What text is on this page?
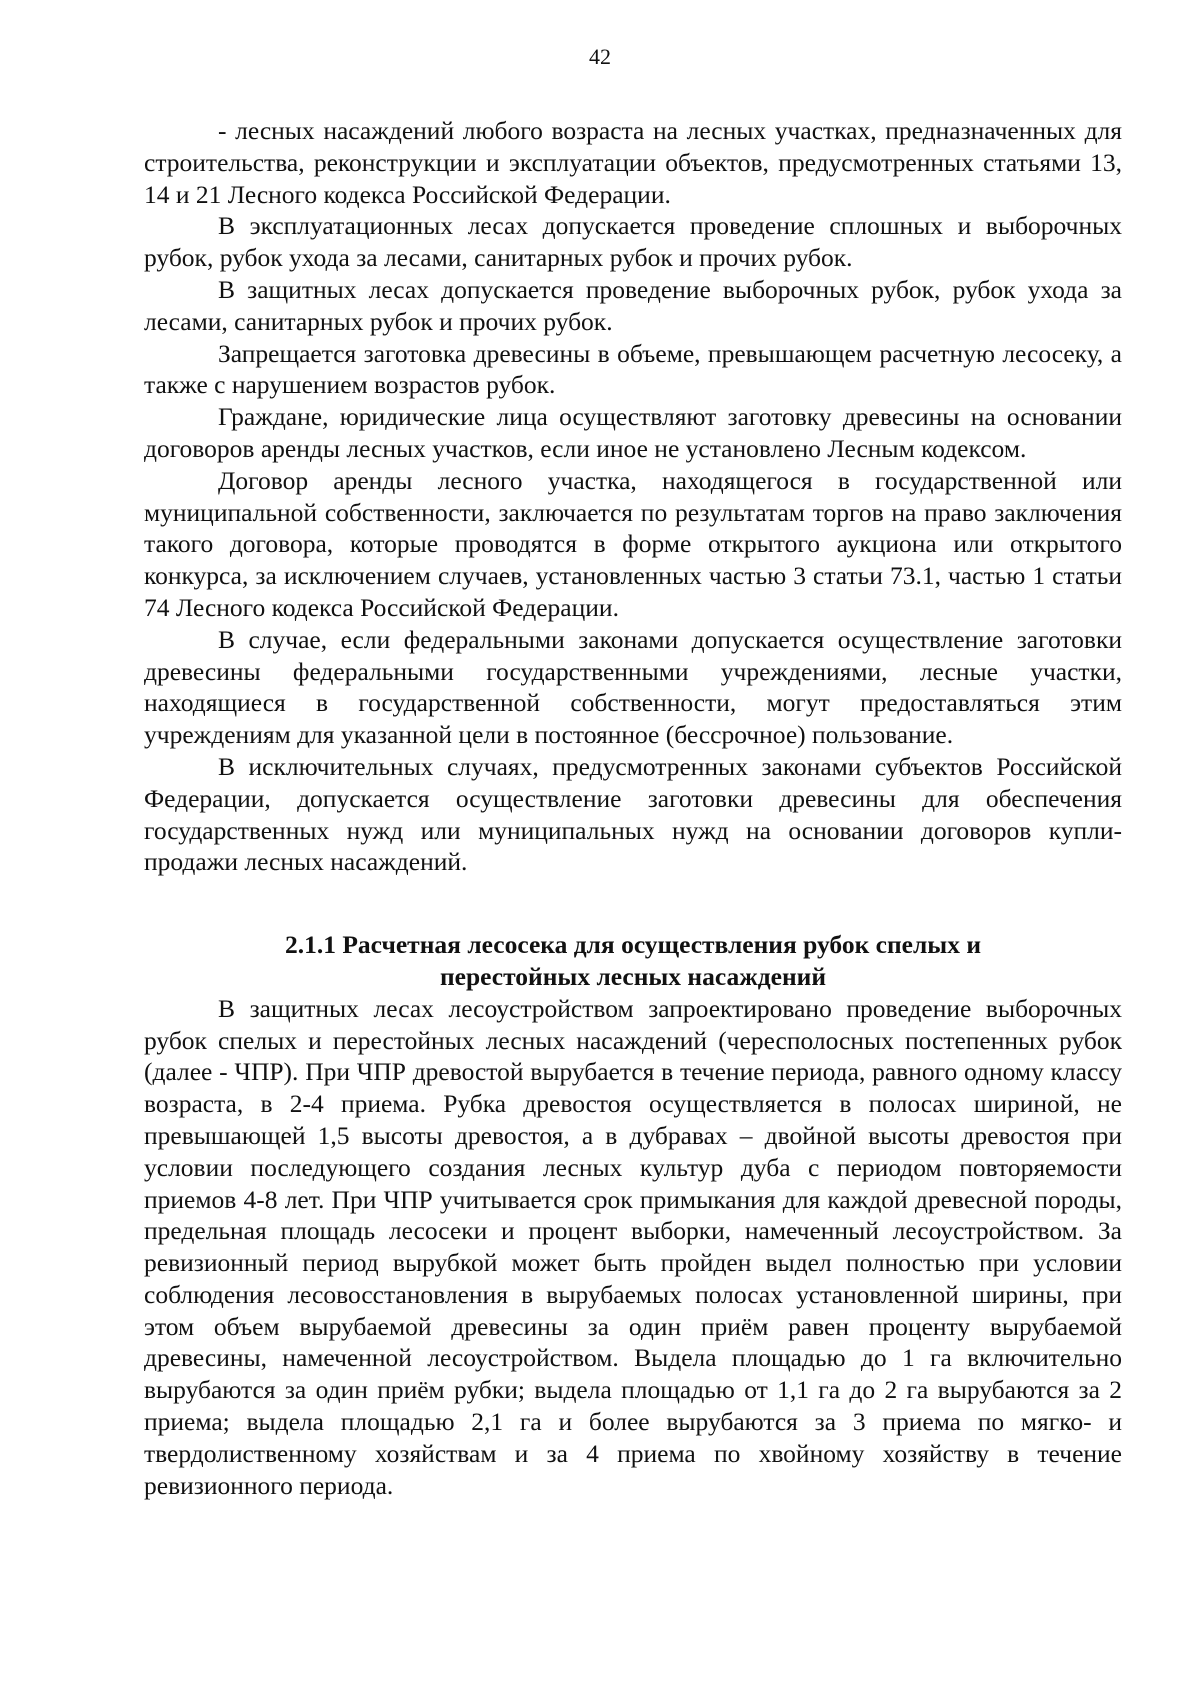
42

- лесных насаждений любого возраста на лесных участках, предназначенных для строительства, реконструкции и эксплуатации объектов, предусмотренных статьями 13, 14 и 21 Лесного кодекса Российской Федерации.

В эксплуатационных лесах допускается проведение сплошных и выборочных рубок, рубок ухода за лесами, санитарных рубок и прочих рубок.

В защитных лесах допускается проведение выборочных рубок, рубок ухода за лесами, санитарных рубок и прочих рубок.

Запрещается заготовка древесины в объеме, превышающем расчетную лесосеку, а также с нарушением возрастов рубок.

Граждане, юридические лица осуществляют заготовку древесины на основании договоров аренды лесных участков, если иное не установлено Лесным кодексом.

Договор аренды лесного участка, находящегося в государственной или муниципальной собственности, заключается по результатам торгов на право заключения такого договора, которые проводятся в форме открытого аукциона или открытого конкурса, за исключением случаев, установленных частью 3 статьи 73.1, частью 1 статьи 74 Лесного кодекса Российской Федерации.

В случае, если федеральными законами допускается осуществление заготовки древесины федеральными государственными учреждениями, лесные участки, находящиеся в государственной собственности, могут предоставляться этим учреждениям для указанной цели в постоянное (бессрочное) пользование.

В исключительных случаях, предусмотренных законами субъектов Российской Федерации, допускается осуществление заготовки древесины для обеспечения государственных нужд или муниципальных нужд на основании договоров купли-продажи лесных насаждений.

2.1.1 Расчетная лесосека для осуществления рубок спелых и
перестойных лесных насаждений

В защитных лесах лесоустройством запроектировано проведение выборочных рубок спелых и перестойных лесных насаждений (чересполосных постепенных рубок (далее - ЧПР). При ЧПР древостой вырубается в течение периода, равного одному классу возраста, в 2-4 приема. Рубка древостоя осуществляется в полосах шириной, не превышающей 1,5 высоты древостоя, а в дубравах – двойной высоты древостоя при условии последующего создания лесных культур дуба с периодом повторяемости приемов 4-8 лет. При ЧПР учитывается срок примыкания для каждой древесной породы, предельная площадь лесосеки и процент выборки, намеченный лесоустройством. За ревизионный период вырубкой может быть пройден выдел полностью при условии соблюдения лесовосстановления в вырубаемых полосах установленной ширины, при этом объем вырубаемой древесины за один приём равен проценту вырубаемой древесины, намеченной лесоустройством. Выдела площадью до 1 га включительно вырубаются за один приём рубки; выдела площадью от 1,1 га до 2 га вырубаются за 2 приема; выдела площадью 2,1 га и более вырубаются за 3 приема по мягко- и твердолиственному хозяйствам и за 4 приема по хвойному хозяйству в течение ревизионного периода.
